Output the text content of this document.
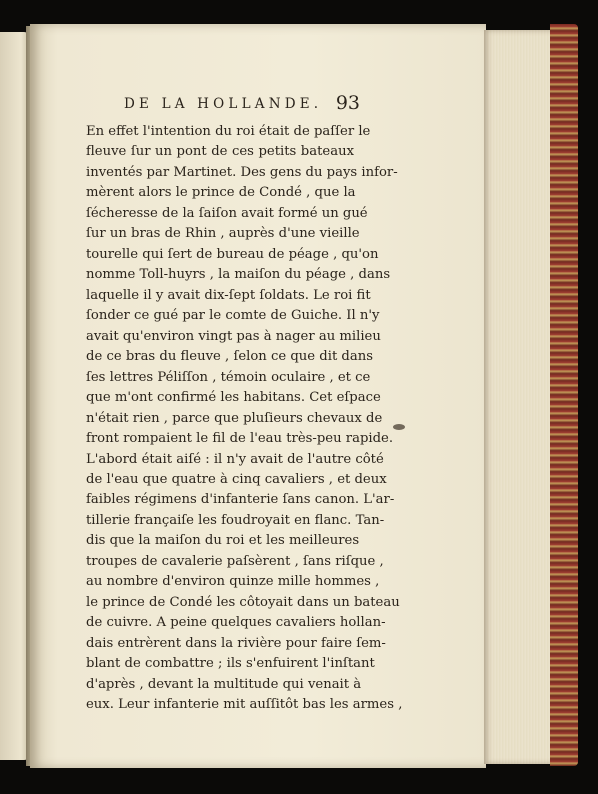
DE LA HOLLANDE. 93
En effet l'intention du roi était de paſſer le
fleuve ſur un pont de ces petits bateaux
inventés par Martinet. Des gens du pays infor-
mèrent alors le prince de Condé , que la
ſécheresse de la ſaiſon avait formé un gué
ſur un bras de Rhin , auprès d'une vieille
tourelle qui ſert de bureau de péage , qu'on
nomme Toll-huyrs , la maiſon du péage , dans
laquelle il y avait dix-ſept ſoldats. Le roi fit
ſonder ce gué par le comte de Guiche. Il n'y
avait qu'environ vingt pas à nager au milieu
de ce bras du fleuve , ſelon ce que dit dans
ſes lettres Péliſſon , témoin oculaire , et ce
que m'ont confirmé les habitans. Cet eſpace
n'était rien , parce que pluſieurs chevaux de
front rompaient le fil de l'eau très-peu rapide.
L'abord était aiſé : il n'y avait de l'autre côté
de l'eau que quatre à cinq cavaliers , et deux
faibles régimens d'infanterie ſans canon. L'ar-
tillerie françaiſe les foudroyait en flanc. Tan-
dis que la maiſon du roi et les meilleures
troupes de cavalerie paſsèrent , ſans riſque ,
au nombre d'environ quinze mille hommes ,
le prince de Condé les côtoyait dans un bateau
de cuivre. A peine quelques cavaliers hollan-
dais entrèrent dans la rivière pour faire ſem-
blant de combattre ; ils s'enfuirent l'inſtant
d'après , devant la multitude qui venait à
eux. Leur infanterie mit auſſitôt bas les armes ,
